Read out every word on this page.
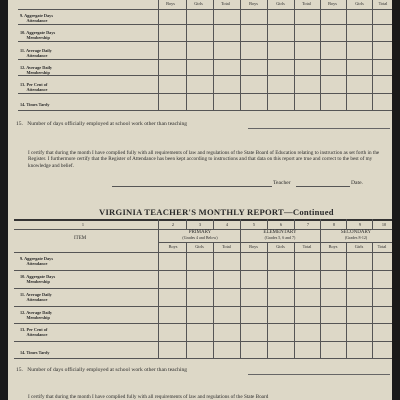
Boys	Girls	Total	Boys	Girls	Total	Boys	Girls	Total
9. Aggregate Days
Attendance
10. Aggregate Days
Membership
11. Average Daily
Attendance
12. Average Daily
Membership
13. Per Cent of
Attendance
14. Times Tardy
15. Number of days officially employed at school work other than teaching
I certify that during the month I have complied fully with all requirements of law and regulations of the State Board of Education relating to instruction as set forth in the Register. I furthermore certify that the Register of Attendance has been kept according to instructions and that data on this report are true and correct to the best of my knowledge and belief.
Teacher	Date.
VIRGINIA TEACHER'S MONTHLY REPORT—Continued
1	2	3	4	5	6	7	8	9	10
ITEM
PRIMARY
(Grades 4 and Below)
ELEMENTARY
(Grades 5, 6 and 7)
SECONDARY
(Grades 8-12)
Boys	Girls	Total	Boys	Girls	Total	Boys	Girls	Total
9. Aggregate Days
Attendance
10. Aggregate Days
Membership
11. Average Daily
Attendance
12. Average Daily
Membership
13. Per Cent of
Attendance
14. Times Tardy
15. Number of days officially employed at school work other than teaching
I certify that during the month I have complied fully with all requirements of law and regulations of the State Board
